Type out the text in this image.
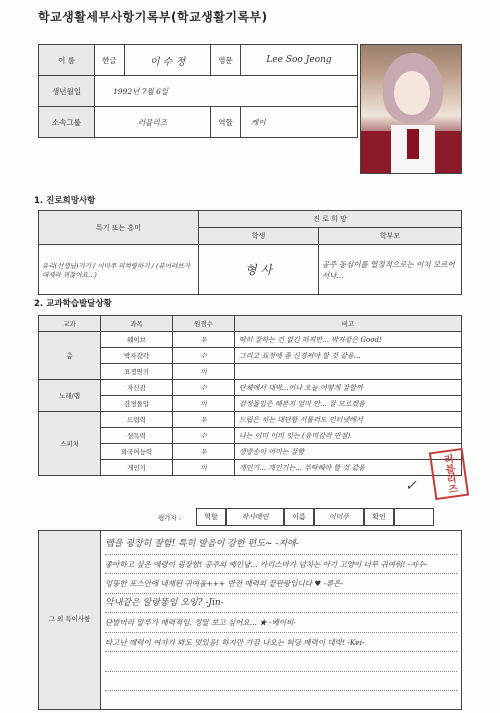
학교생활세부사항기록부(학교생활기록부)
이 름	한글	이 수 정	영문	Lee Soo Jeong
생년월일	1992년 7월 6일			
소속그룹	러블리즈		역할	케이
1. 진로희망사항
특기 또는 흥미	진 로 희 망	
	학생	학부모
유리(선생님)가기 / 이미주 피쳐링하기 / (퓨어러브가 대세라 귀찮아요...)	형 사	공주 동심이를 열정적으로는 이치 모르어서나...
2. 교과학습발달상황
교과	과목	원점수	비고
춤	웨이브	우	딱히 잘하는 건 없긴 하지만... 박자감은 Good!
	박자감각	수	그리고 표정에 좀 신경써야 할 것 같음...
	표정연기	미	
노래/랩	자신감	수	단체에서 대박...어나 오늘 어떻게 잘할까
	감정몰입	미	감정몰입은 해본지 얼마 안... 잘 모르겠음
스피치	드립력	우	드립은 치는 대단함 서툴러도 인터넷에서
	설득력	수	나는 이미 이미 잇는 (유머감각 만점)
	외국어능력	우	생방송이 어미는 잘함
	개인기	미	개인기... 개인기는... 부탁해야 할 것 같음	러블리즈
✓
평가자 :	역할	작사메인	이름	이미주	확인
그 외 특이사항
랩을 굉장히 잘함! 특히 발음이 강한 편도~ -지애-
좋아하고 싶은 애령이 굉장함! 공주의 예인냥... 카리스마가 넘치는 아기 고양이 너무 귀여워! -지수-
엉뚱한 포스안에 내재된 귀여움+++ 반전 매력의 끝판왕입니다 ♥ -류은-
악내같은 알랑똥임 오잉? -Jin-
단발머리 말루가 매력적임. 정말 보고 싶어요... ★ -베이비-
타고난 매력이 여자가 봐도 멋있음! 하지만 가끔 나오는 허당 매력이 대박! -Kei-
